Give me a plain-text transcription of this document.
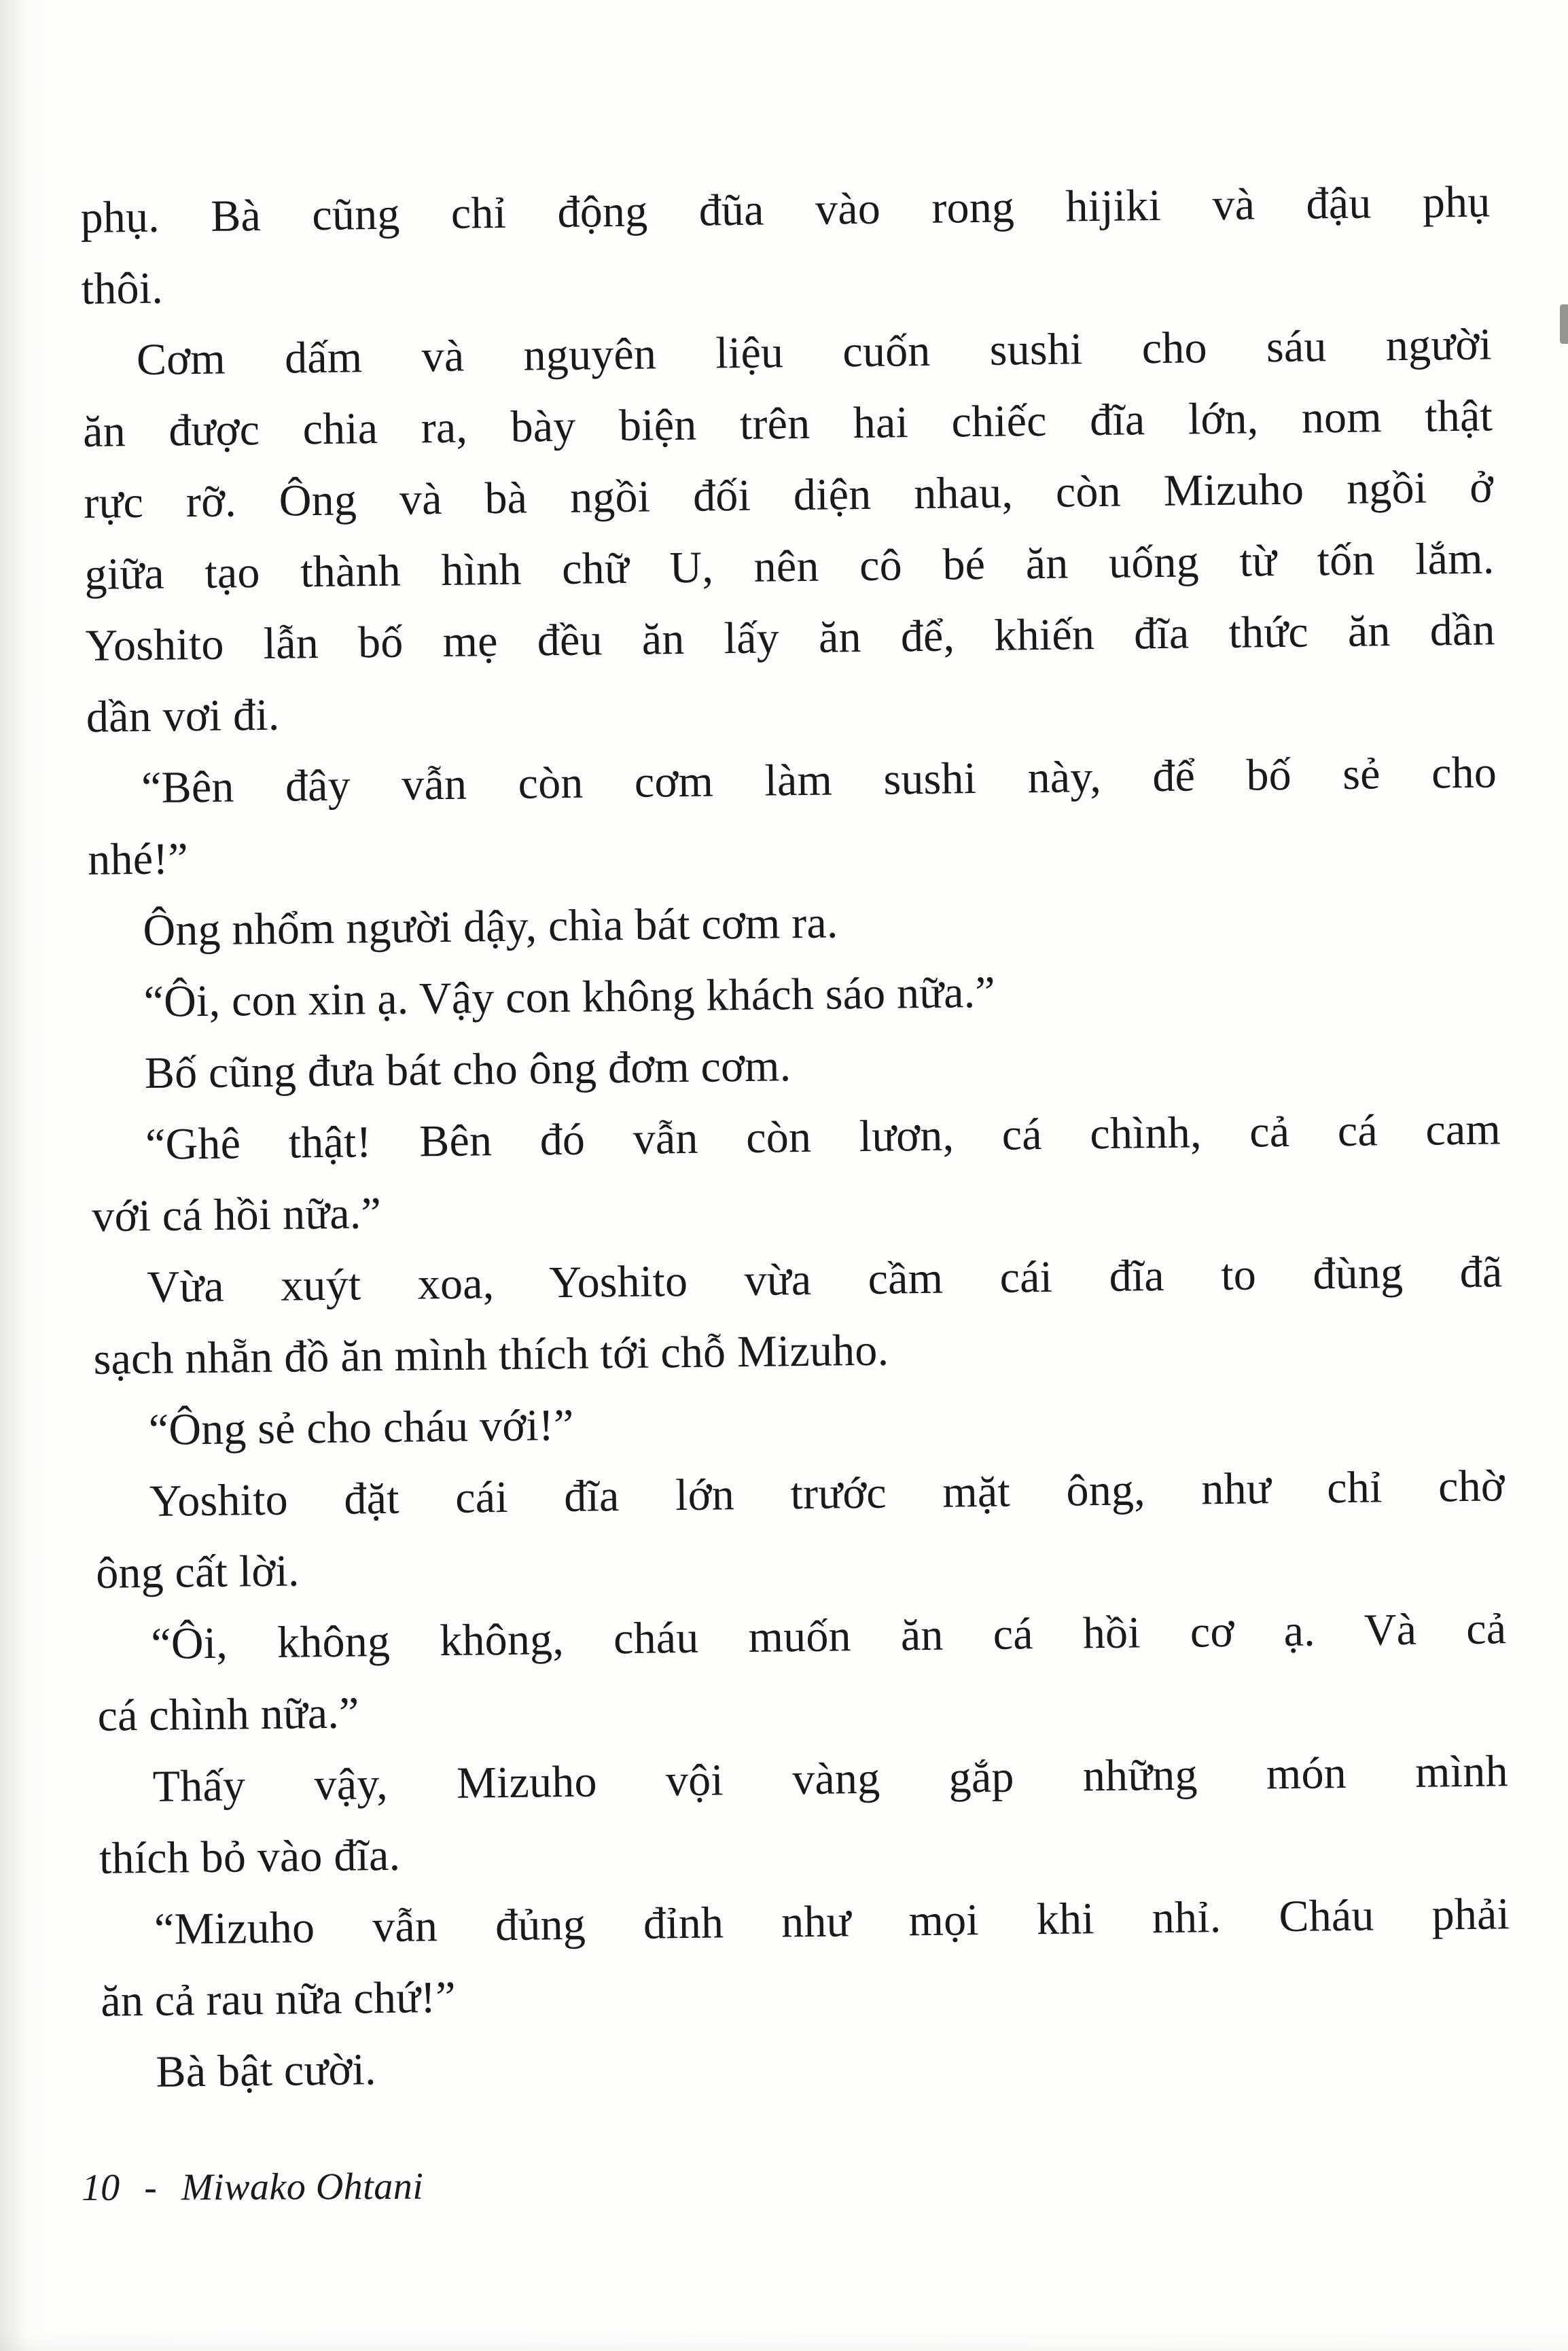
phụ. Bà cũng chỉ động đũa vào rong hijiki và đậu phụ
thôi.
Cơm dấm và nguyên liệu cuốn sushi cho sáu người
ăn được chia ra, bày biện trên hai chiếc đĩa lớn, nom thật
rực rỡ. Ông và bà ngồi đối diện nhau, còn Mizuho ngồi ở
giữa tạo thành hình chữ U, nên cô bé ăn uống từ tốn lắm.
Yoshito lẫn bố mẹ đều ăn lấy ăn để, khiến đĩa thức ăn dần
dần vơi đi.
“Bên đây vẫn còn cơm làm sushi này, để bố sẻ cho
nhé!”
Ông nhổm người dậy, chìa bát cơm ra.
“Ôi, con xin ạ. Vậy con không khách sáo nữa.”
Bố cũng đưa bát cho ông đơm cơm.
“Ghê thật! Bên đó vẫn còn lươn, cá chình, cả cá cam
với cá hồi nữa.”
Vừa xuýt xoa, Yoshito vừa cầm cái đĩa to đùng đã
sạch nhẵn đồ ăn mình thích tới chỗ Mizuho.
“Ông sẻ cho cháu với!”
Yoshito đặt cái đĩa lớn trước mặt ông, như chỉ chờ
ông cất lời.
“Ôi, không không, cháu muốn ăn cá hồi cơ ạ. Và cả
cá chình nữa.”
Thấy vậy, Mizuho vội vàng gắp những món mình
thích bỏ vào đĩa.
“Mizuho vẫn đủng đỉnh như mọi khi nhỉ. Cháu phải
ăn cả rau nữa chứ!”
Bà bật cười.
10 - Miwako Ohtani
